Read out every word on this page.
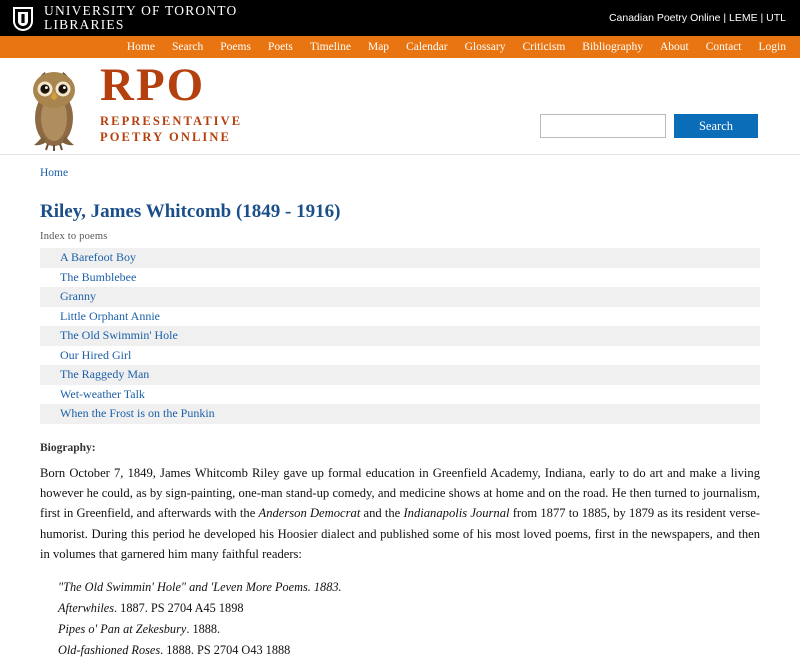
UNIVERSITY OF TORONTO
LIBRARIES	Canadian Poetry Online | LEME | UTL
Home Search Poems Poets Timeline Map Calendar Glossary Criticism Bibliography About Contact Login
RPO
REPRESENTATIVE
POETRY ONLINE
Search
Home
Riley, James Whitcomb (1849 - 1916)
Index to poems
A Barefoot Boy
The Bumblebee
Granny
Little Orphant Annie
The Old Swimmin' Hole
Our Hired Girl
The Raggedy Man
Wet-weather Talk
When the Frost is on the Punkin
Biography:

Born October 7, 1849, James Whitcomb Riley gave up formal education in Greenfield Academy, Indiana, early to do art and make a living however he could, as by sign-painting, one-man stand-up comedy, and medicine shows at home and on the road. He then turned to journalism, first in Greenfield, and afterwards with the Anderson Democrat and the Indianapolis Journal from 1877 to 1885, by 1879 as its resident verse-humorist. During this period he developed his Hoosier dialect and published some of his most loved poems, first in the newspapers, and then in volumes that garnered him many faithful readers:

"The Old Swimmin' Hole" and 'Leven More Poems. 1883.
Afterwhiles. 1887. PS 2704 A45 1898
Pipes o' Pan at Zekesbury. 1888.
Old-fashioned Roses. 1888. PS 2704 O43 1888
